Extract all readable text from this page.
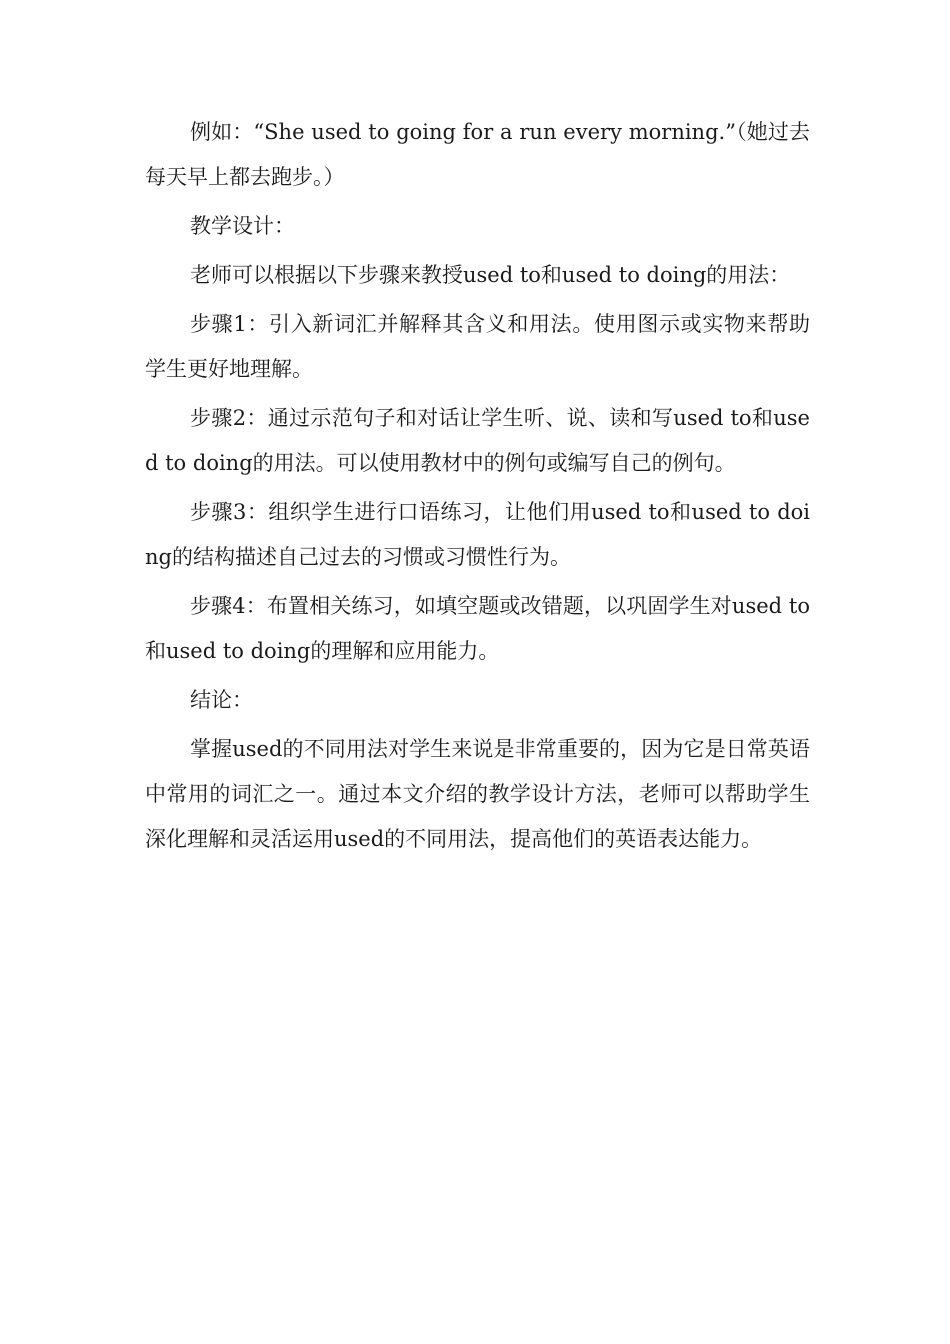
例如：“She used to going for a run every morning.”（她过去每天早上都去跑步。）

教学设计：

老师可以根据以下步骤来教授used to和used to doing的用法：

步骤1：引入新词汇并解释其含义和用法。使用图示或实物来帮助学生更好地理解。

步骤2：通过示范句子和对话让学生听、说、读和写used to和used to doing的用法。可以使用教材中的例句或编写自己的例句。

步骤3：组织学生进行口语练习，让他们用used to和used to doing的结构描述自己过去的习惯或习惯性行为。

步骤4：布置相关练习，如填空题或改错题，以巩固学生对used to和used to doing的理解和应用能力。

结论：

掌握used的不同用法对学生来说是非常重要的，因为它是日常英语中常用的词汇之一。通过本文介绍的教学设计方法，老师可以帮助学生深化理解和灵活运用used的不同用法，提高他们的英语表达能力。
